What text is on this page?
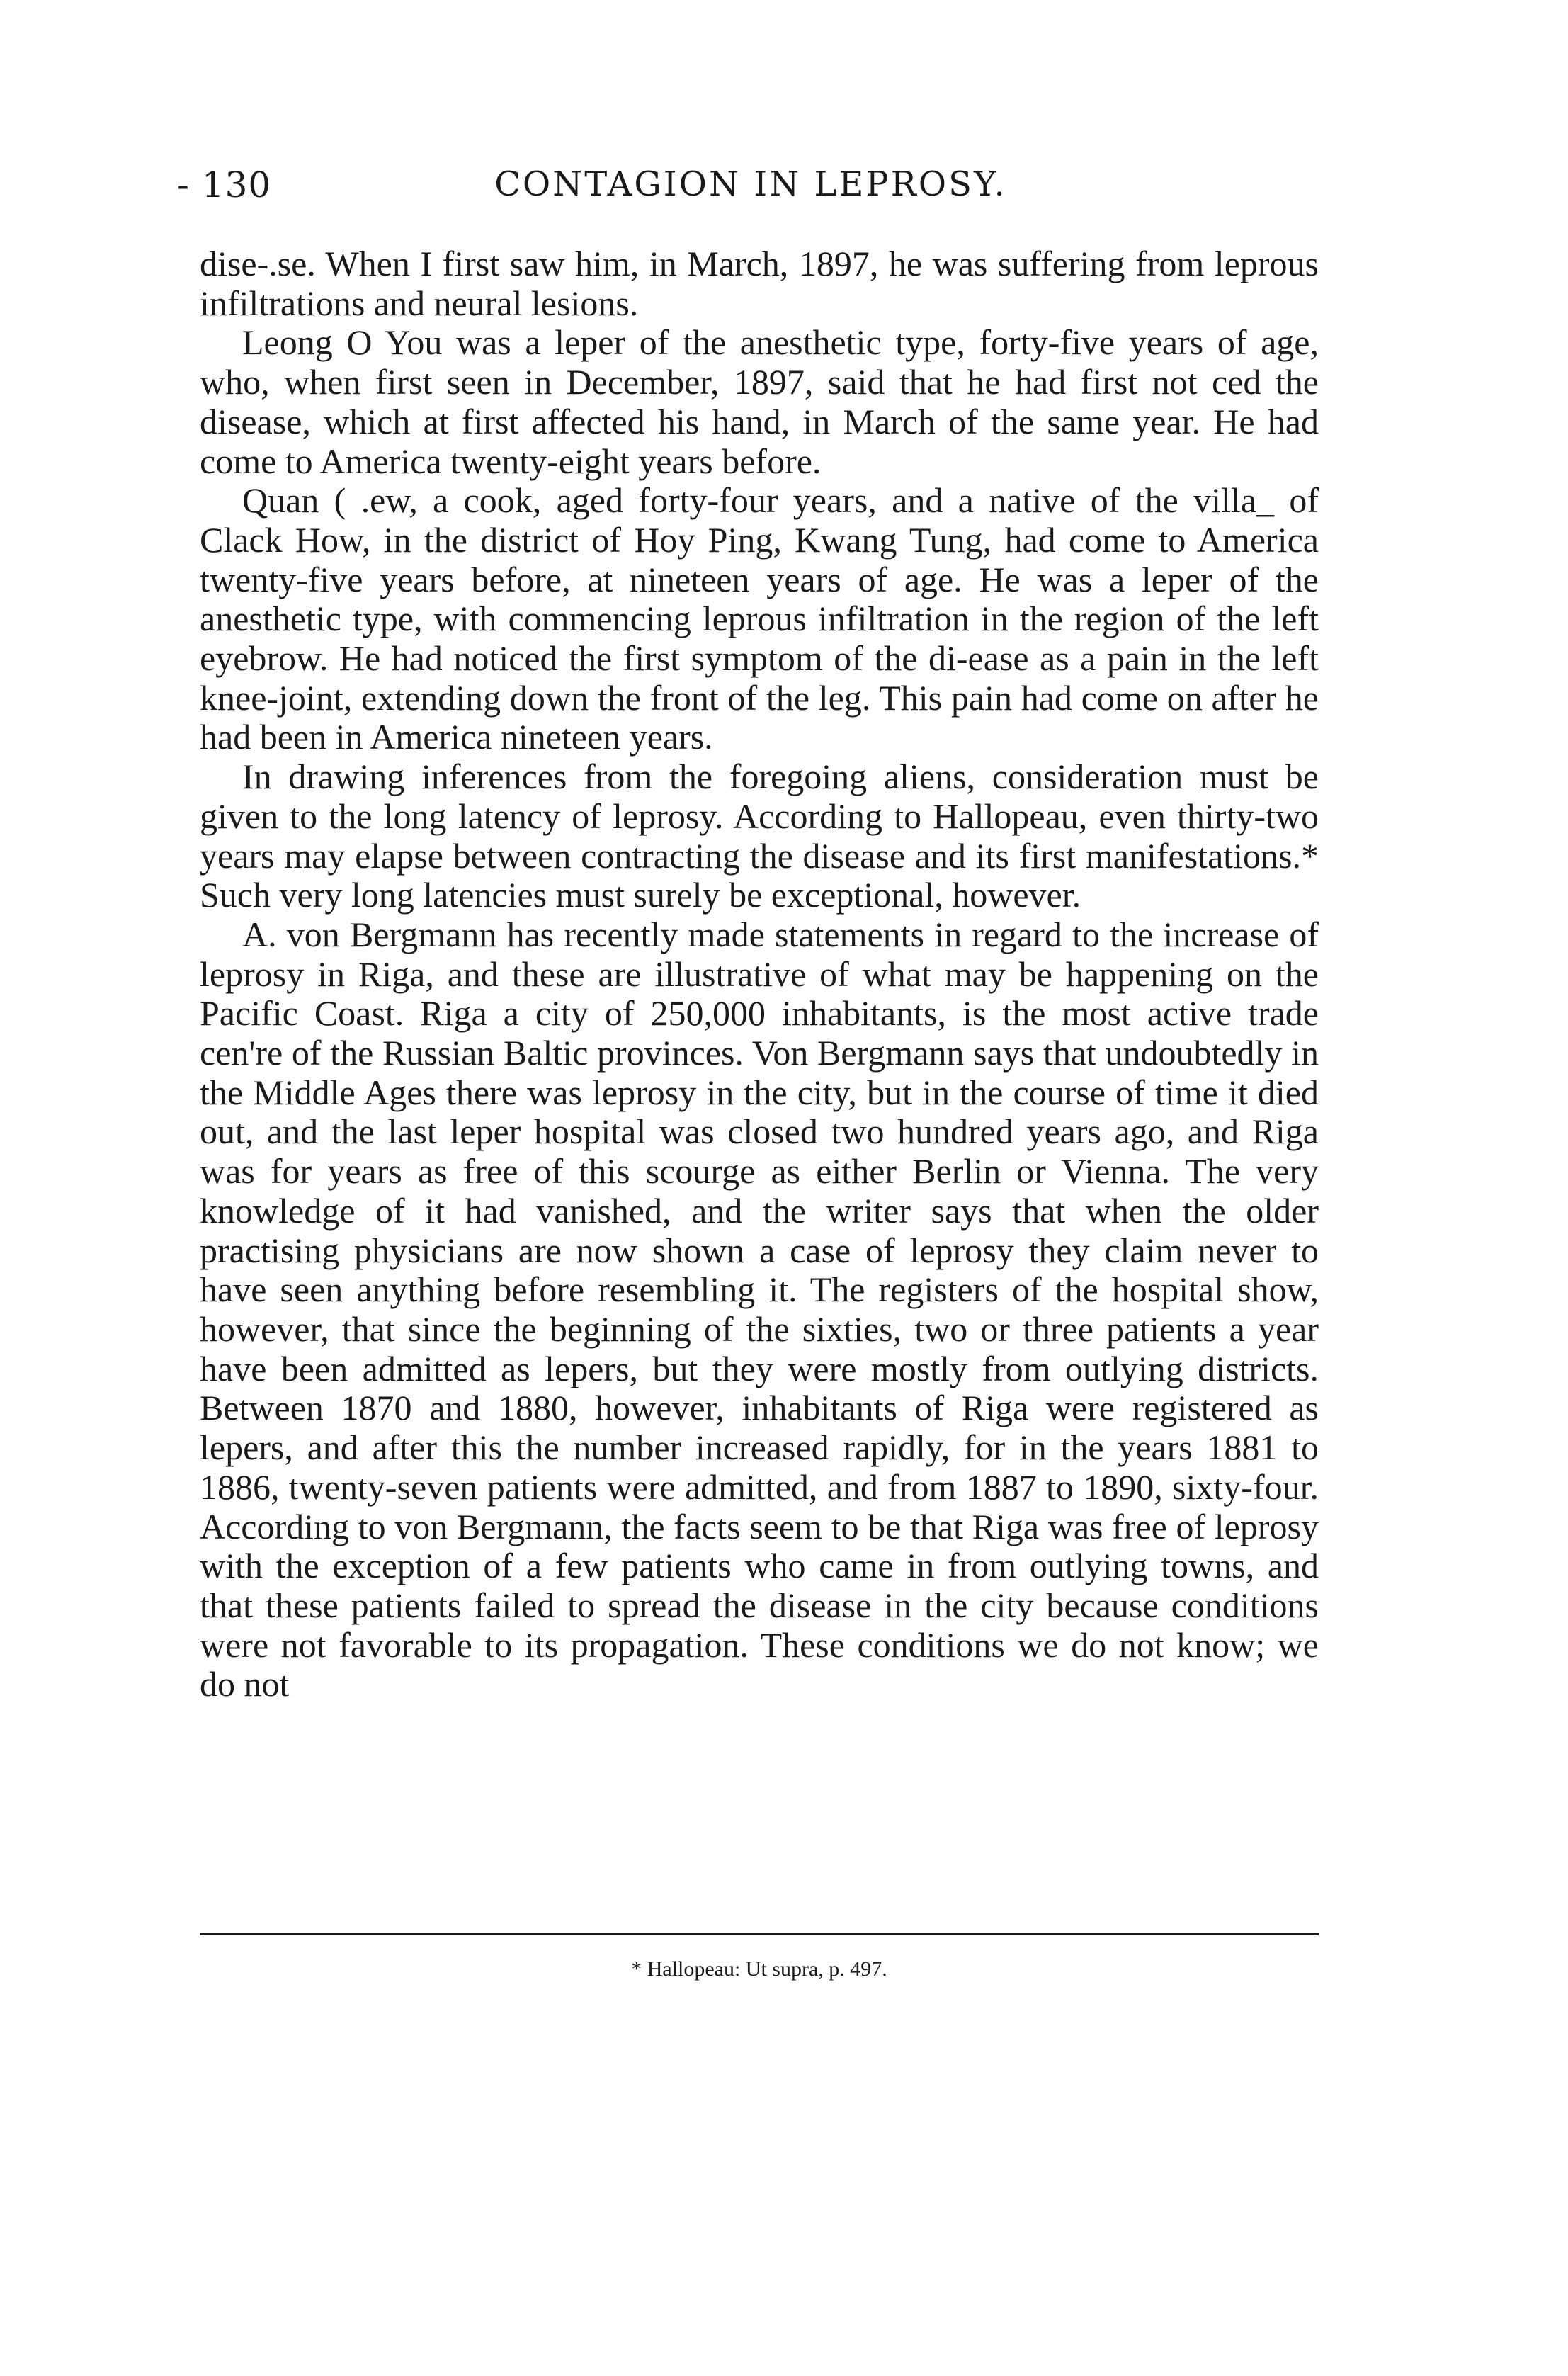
- 130	CONTAGION IN LEPROSY.

dise-.se. When I first saw him, in March, 1897, he was suffering from leprous infiltrations and neural lesions.

Leong O You was a leper of the anesthetic type, forty-five years of age, who, when first seen in December, 1897, said that he had first not ced the disease, which at first affected his hand, in March of the same year. He had come to America twenty-eight years before.

Quan ( .ew, a cook, aged forty-four years, and a native of the villa_ of Clack How, in the district of Hoy Ping, Kwang Tung, had come to America twenty-five years before, at nineteen years of age. He was a leper of the anesthetic type, with commencing leprous infiltration in the region of the left eyebrow. He had noticed the first symptom of the di-ease as a pain in the left knee-joint, extending down the front of the leg. This pain had come on after he had been in America nineteen years.

In drawing inferences from the foregoing aliens, consideration must be given to the long latency of leprosy. According to Hallopeau, even thirty-two years may elapse between contracting the disease and its first manifestations.* Such very long latencies must surely be exceptional, however.

A. von Bergmann has recently made statements in regard to the increase of leprosy in Riga, and these are illustrative of what may be happening on the Pacific Coast. Riga a city of 250,000 inhabitants, is the most active trade cen're of the Russian Baltic provinces. Von Bergmann says that undoubtedly in the Middle Ages there was leprosy in the city, but in the course of time it died out, and the last leper hospital was closed two hundred years ago, and Riga was for years as free of this scourge as either Berlin or Vienna. The very knowledge of it had vanished, and the writer says that when the older practising physicians are now shown a case of leprosy they claim never to have seen anything before resembling it. The registers of the hospital show, however, that since the beginning of the sixties, two or three patients a year have been admitted as lepers, but they were mostly from outlying districts. Between 1870 and 1880, however, inhabitants of Riga were registered as lepers, and after this the number increased rapidly, for in the years 1881 to 1886, twenty-seven patients were admitted, and from 1887 to 1890, sixty-four. According to von Bergmann, the facts seem to be that Riga was free of leprosy with the exception of a few patients who came in from outlying towns, and that these patients failed to spread the disease in the city because conditions were not favorable to its propagation. These conditions we do not know; we do not

* Hallopeau: Ut supra, p. 497.
